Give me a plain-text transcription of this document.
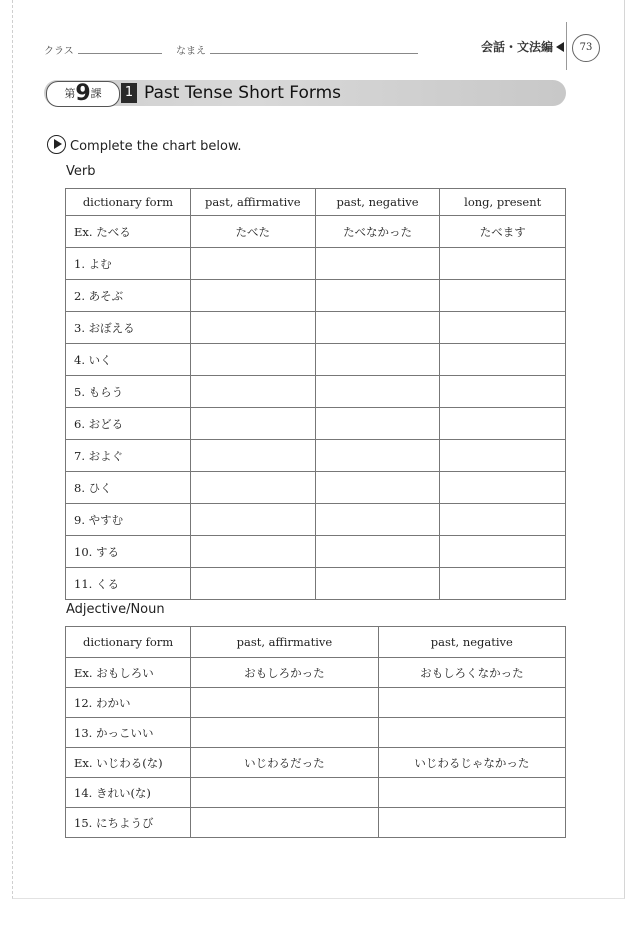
クラス	なまえ	会話・文法編	73
第9課	1 Past Tense Short Forms
Complete the chart below.
Verb
dictionary form	past, affirmative	past, negative	long, present
Ex. たべる	たべた	たべなかった	たべます
1. よむ			
2. あそぶ			
3. おぼえる			
4. いく			
5. もらう			
6. おどる			
7. およぐ			
8. ひく			
9. やすむ			
10. する			
11. くる			
Adjective/Noun
dictionary form	past, affirmative	past, negative
Ex. おもしろい	おもしろかった	おもしろくなかった
12. わかい		
13. かっこいい		
Ex. いじわる(な)	いじわるだった	いじわるじゃなかった
14. きれい(な)		
15. にちようび		
